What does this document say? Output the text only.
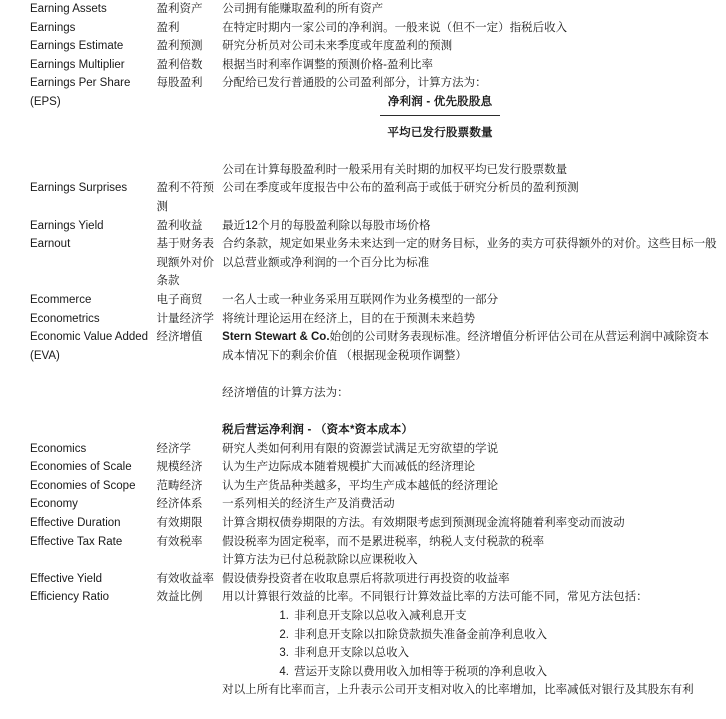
Earning Assets	盈利资产	公司拥有能赚取盈利的所有资产

Earnings	盈利	在特定时期内一家公司的净利润。一般来说（但不一定）指税后收入

Earnings Estimate	盈利预测	研究分析员对公司未来季度或年度盈利的预测

Earnings Multiplier	盈利倍数	根据当时利率作调整的预测价格-盈利比率

Earnings Per Share (EPS)	每股盈利	分配给已发行普通股的公司盈利部分，计算方法为：

净利润 - 优先股股息
平均已发行股票数量

公司在计算每股盈利时一般采用有关时期的加权平均已发行股票数量

Earnings Surprises	盈利不符预测	公司在季度或年度报告中公布的盈利高于或低于研究分析员的盈利预测

Earnings Yield	盈利收益	最近12个月的每股盈利除以每股市场价格

Earnout	基于财务表现额外对价条款	合约条款，规定如果业务未来达到一定的财务目标，业务的卖方可获得额外的对价。这些目标一般以总营业额或净利润的一个百分比为标准

Ecommerce	电子商贸	一名人士或一种业务采用互联网作为业务模型的一部分

Econometrics	计量经济学	将统计理论运用在经济上，目的在于预测未来趋势

Economic Value Added (EVA)	经济增值	Stern Stewart & Co.始创的公司财务表现标准。经济增值分析评估公司在从营运利润中减除资本成本情况下的剩余价值 （根据现金税项作调整）

经济增值的计算方法为：

税后营运净利润 - （资本*资本成本）

Economics	经济学	研究人类如何利用有限的资源尝试满足无穷欲望的学说

Economies of Scale	规模经济	认为生产边际成本随着规模扩大而减低的经济理论

Economies of Scope	范畴经济	认为生产货品种类越多，平均生产成本越低的经济理论

Economy	经济体系	一系列相关的经济生产及消费活动

Effective Duration	有效期限	计算含期权债券期限的方法。有效期限考虑到预测现金流将随着利率变动而波动

Effective Tax Rate	有效税率	假设税率为固定税率，而不是累进税率，纳税人支付税款的税率

计算方法为已付总税款除以应课税收入

Effective Yield	有效收益率	假设债券投资者在收取息票后将款项进行再投资的收益率

Efficiency Ratio	效益比例	用以计算银行效益的比率。不同银行计算效益比率的方法可能不同，常见方法包括：

1. 非利息开支除以总收入减利息开支
2. 非利息开支除以扣除贷款损失准备金前净利息收入
3. 非利息开支除以总收入
4. 营运开支除以费用收入加相等于税项的净利息收入

对以上所有比率而言，上升表示公司开支相对收入的比率增加，比率减低对银行及其股东有利
